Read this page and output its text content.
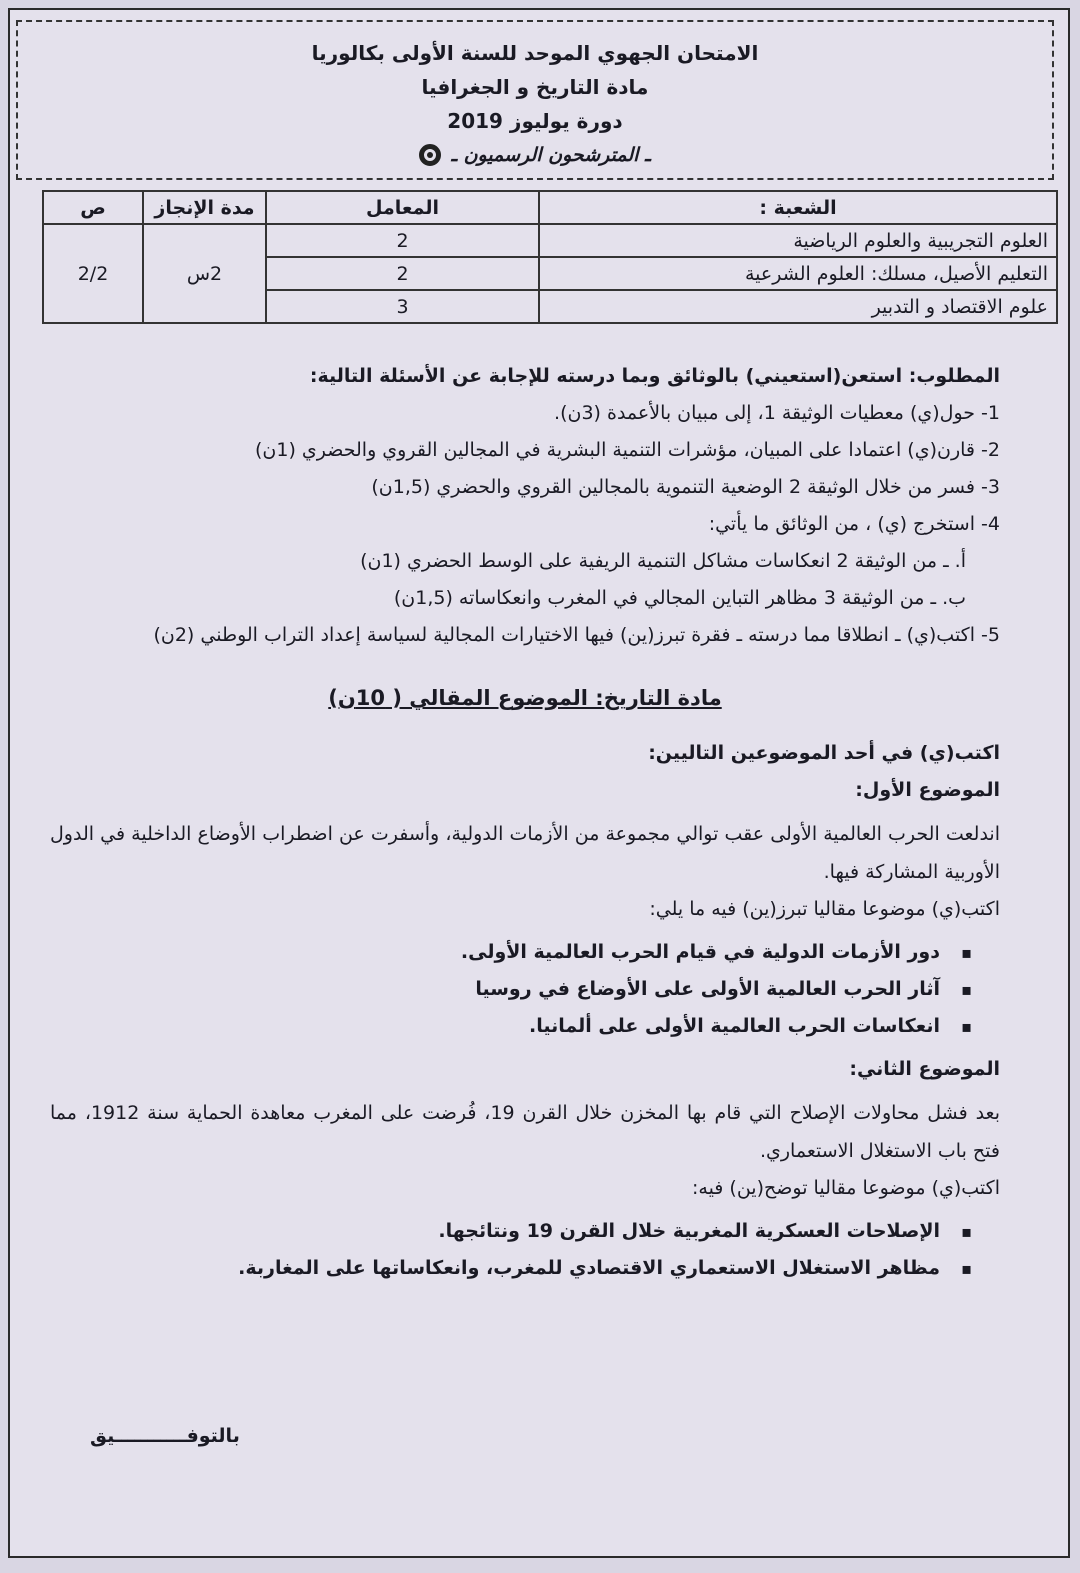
الامتحان الجهوي الموحد للسنة الأولى بكالوريا
مادة التاريخ و الجغرافيا
دورة يوليوز 2019
ـ المترشحون الرسميون ـ
الشعبة :	المعامل	مدة الإنجاز	ص
العلوم التجريبية والعلوم الرياضية	2	2س	2/2
التعليم الأصيل، مسلك: العلوم الشرعية	2		
علوم الاقتصاد و التدبير	3		

المطلوب: استعن(استعيني) بالوثائق وبما درسته للإجابة عن الأسئلة التالية:

1- حول(ي) معطيات الوثيقة 1، إلى مبيان بالأعمدة (3ن).

2- قارن(ي) اعتمادا على المبيان، مؤشرات التنمية البشرية في المجالين القروي والحضري (1ن)

3- فسر من خلال الوثيقة 2 الوضعية التنموية بالمجالين القروي والحضري (1,5ن)

4- استخرج (ي) ، من الوثائق ما يأتي:

أ. ـ من الوثيقة 2 انعكاسات مشاكل التنمية الريفية على الوسط الحضري (1ن)

ب. ـ من الوثيقة 3 مظاهر التباين المجالي في المغرب وانعكاساته (1,5ن)

5- اكتب(ي) ـ انطلاقا مما درسته ـ فقرة تبرز(ين) فيها الاختيارات المجالية لسياسة إعداد التراب الوطني (2ن)

مادة التاريخ: الموضوع المقالي ( 10ن)

اكتب(ي) في أحد الموضوعين التاليين:

الموضوع الأول:

اندلعت الحرب العالمية الأولى عقب توالي مجموعة من الأزمات الدولية، وأسفرت عن اضطراب الأوضاع الداخلية في الدول الأوربية المشاركة فيها.

اكتب(ي) موضوعا مقاليا تبرز(ين) فيه ما يلي:

▪ دور الأزمات الدولية في قيام الحرب العالمية الأولى.
▪ آثار الحرب العالمية الأولى على الأوضاع في روسيا
▪ انعكاسات الحرب العالمية الأولى على ألمانيا.

الموضوع الثاني:

بعد فشل محاولات الإصلاح التي قام بها المخزن خلال القرن 19، فُرضت على المغرب معاهدة الحماية سنة 1912، مما فتح باب الاستغلال الاستعماري.

اكتب(ي) موضوعا مقاليا توضح(ين) فيه:

▪ الإصلاحات العسكرية المغربية خلال القرن 19 ونتائجها.
▪ مظاهر الاستغلال الاستعماري الاقتصادي للمغرب، وانعكاساتها على المغاربة.
بالتوفـــــــــــيق
